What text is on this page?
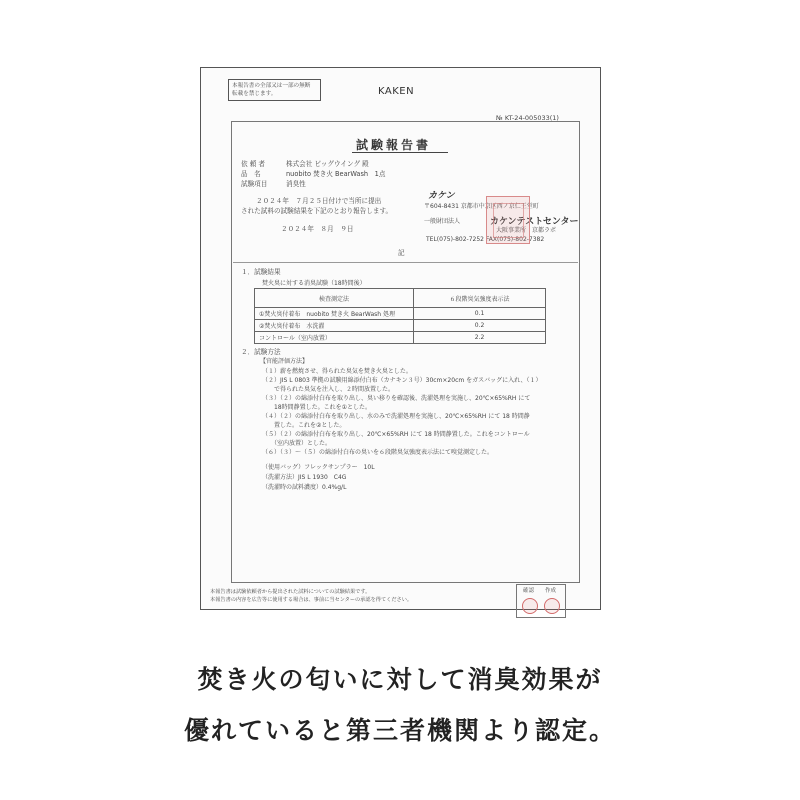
本報告書の全部又は一部の無断
転載を禁じます。	KAKEN
№ KT-24-005033(1)
試験報告書
依 頼 者	株式会社 ビッグウイング 殿
品　名	nuobito 焚き火 BearWash　1点
試験項目	消臭性
２０２４年　７月２５日付けで当所に提出
された試料の試験結果を下記のとおり報告します。
２０２４年　８月　９日
カケン
〒604-8431 京都市中京区西ノ京仁王堂町
一般財団法人	カケンテストセンター
大阪事業所　京都ラボ
TEL(075)-802-7252 FAX(075)-802-7382
記
１．試験結果
焚火臭に対する消臭試験（18時間後）
検査測定法	６段階臭気強度表示法
①焚火臭付着布　nuobito 焚き火 BearWash 処理	0.1
②焚火臭付着布　水洗濯	0.2
コントロール（室内放置）	2.2
２．試験方法
【官能評価方法】
（１）薪を燃焼させ、得られた臭気を焚き火臭とした。
（２）JIS L 0803 準拠の試験用綿添付白布（カナキン３号）30cm×20cm をガスバッグに入れ、（１）
　　で得られた臭気を注入し、２時間放置した。
（３）（２）の綿添付白布を取り出し、臭い移りを確認後、洗濯処理を実施し、20℃×65%RH にて
　　18時間静置した。これを①とした。
（４）（２）の綿添付白布を取り出し、水のみで洗濯処理を実施し、20℃×65%RH にて 18 時間静
　　置した。これを②とした。
（５）（２）の綿添付白布を取り出し、20℃×65%RH にて 18 時間静置した。これをコントロール
　　（室内放置）とした。
（６）（３）～（５）の綿添付白布の臭いを６段階臭気強度表示法にて嗅覚測定した。
（使用バッグ）フレックサンプラー　10L
（洗濯方法）JIS L 1930　C4G
（洗濯時の試料濃度）0.4%g/L
本報告書は試験依頼者から提出された試料についての試験結果です。
本報告書の内容を広告等に使用する場合は、事前に当センターの承認を得てください。
確認 作成
焚き火の匂いに対して消臭効果が
優れていると第三者機関より認定。
